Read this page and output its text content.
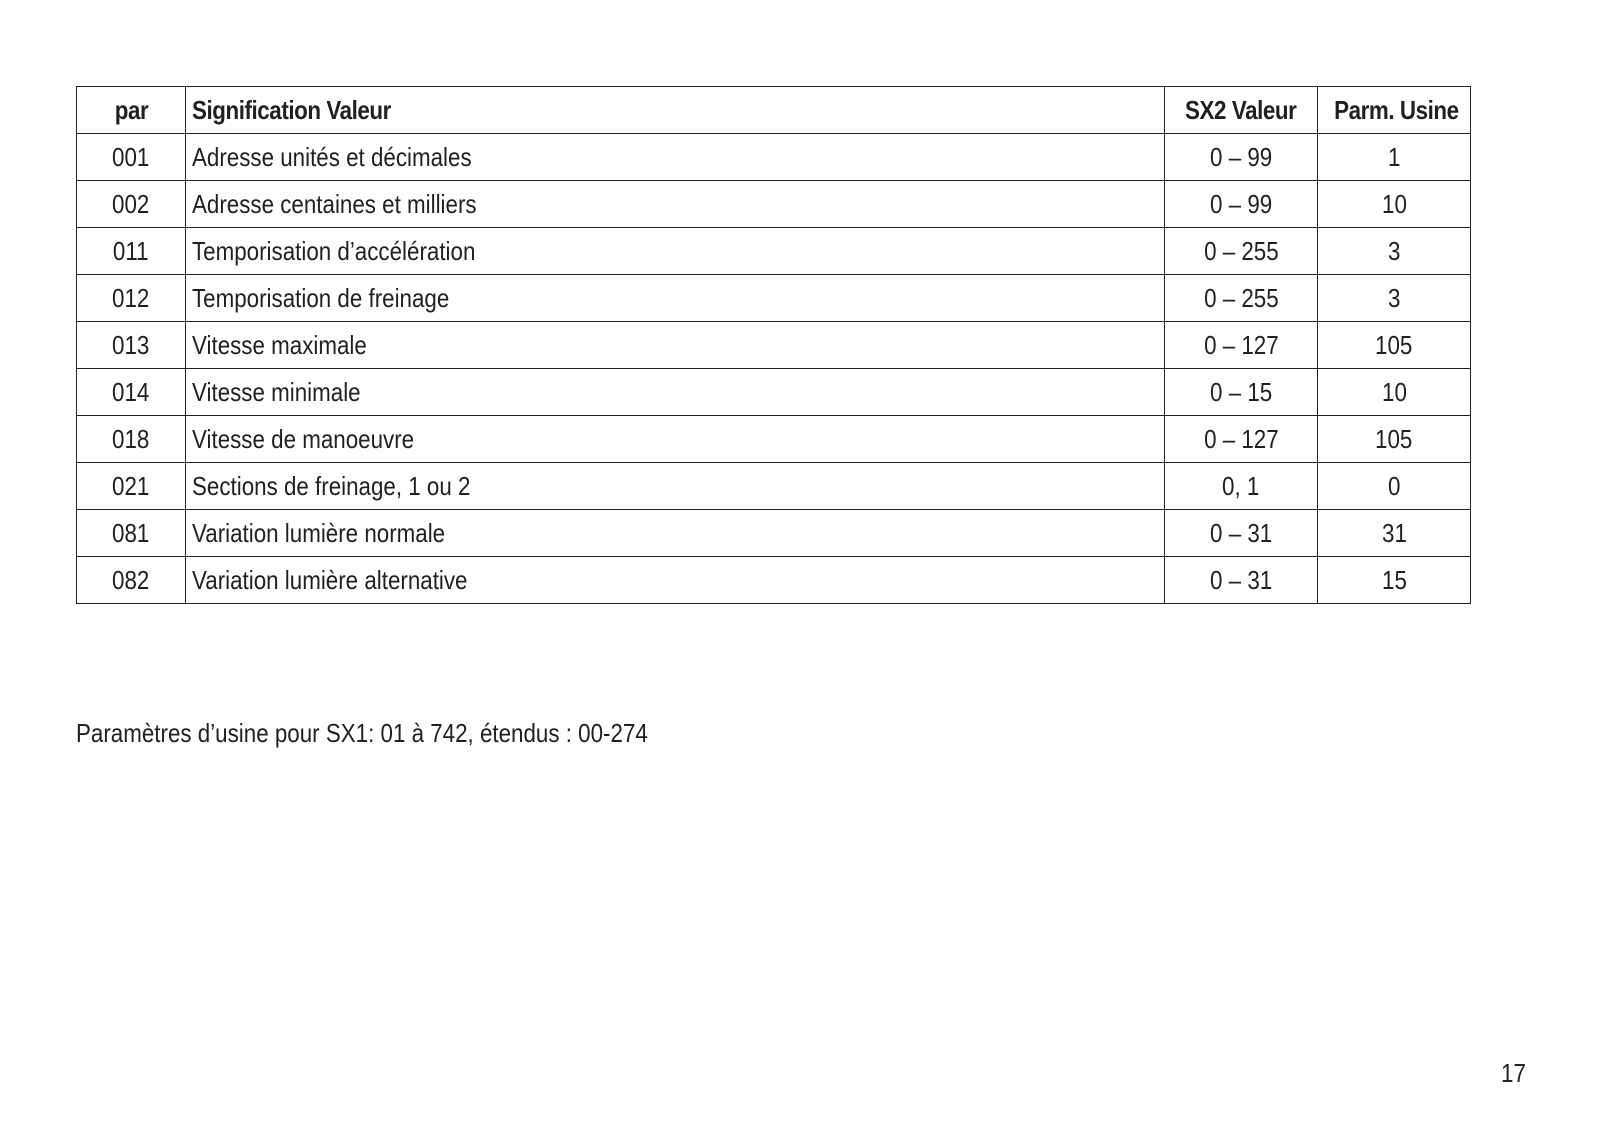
par	Signification Valeur	SX2 Valeur	Parm. Usine
001	Adresse unités et décimales	0 – 99	1
002	Adresse centaines et milliers	0 – 99	10
011	Temporisation d’accélération	0 – 255	3
012	Temporisation de freinage	0 – 255	3
013	Vitesse maximale	0 – 127	105
014	Vitesse minimale	0 – 15	10
018	Vitesse de manoeuvre	0 – 127	105
021	Sections de freinage, 1 ou 2	0, 1	0
081	Variation lumière normale	0 – 31	31
082	Variation lumière alternative	0 – 31	15
Paramètres d’usine pour SX1: 01 à 742, étendus : 00-274
17
